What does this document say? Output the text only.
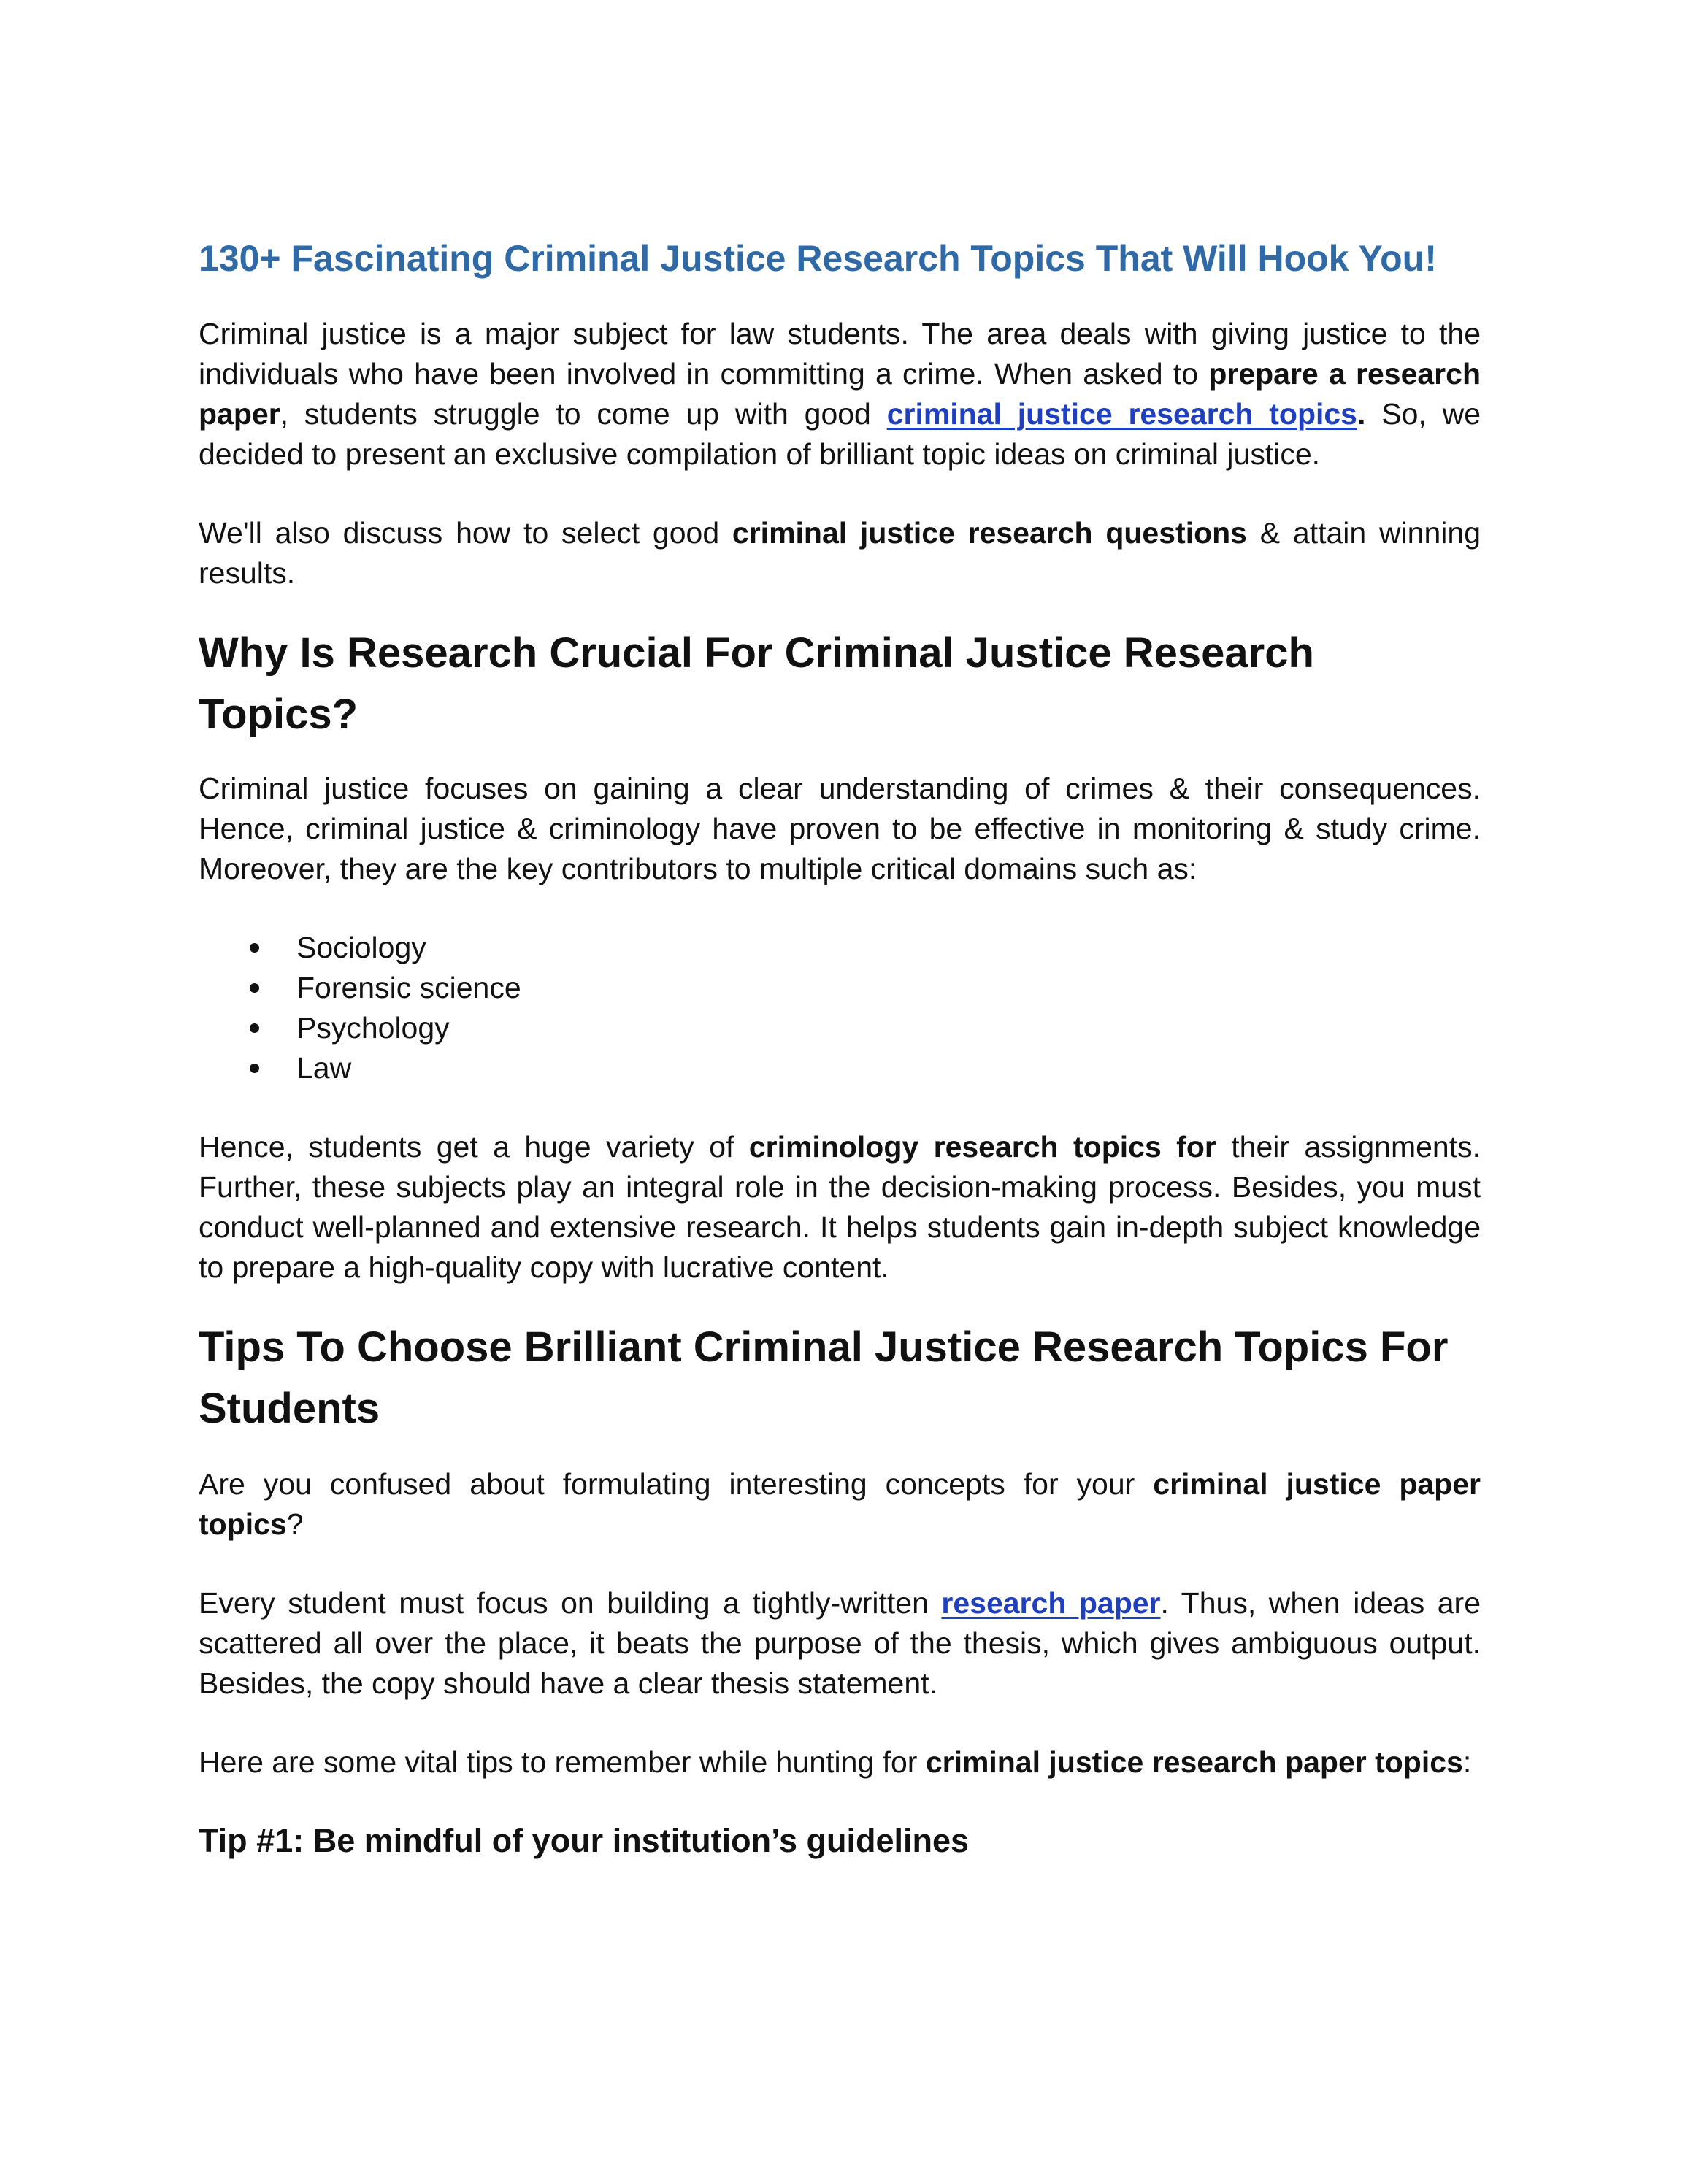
130+ Fascinating Criminal Justice Research Topics That Will Hook You!

Criminal justice is a major subject for law students. The area deals with giving justice to the individuals who have been involved in committing a crime. When asked to prepare a research paper, students struggle to come up with good criminal justice research topics. So, we decided to present an exclusive compilation of brilliant topic ideas on criminal justice.

We'll also discuss how to select good criminal justice research questions & attain winning results.

Why Is Research Crucial For Criminal Justice Research Topics?

Criminal justice focuses on gaining a clear understanding of crimes & their consequences. Hence, criminal justice & criminology have proven to be effective in monitoring & study crime. Moreover, they are the key contributors to multiple critical domains such as:

Sociology
Forensic science
Psychology
Law

Hence, students get a huge variety of criminology research topics for their assignments. Further, these subjects play an integral role in the decision-making process. Besides, you must conduct well-planned and extensive research. It helps students gain in-depth subject knowledge to prepare a high-quality copy with lucrative content.

Tips To Choose Brilliant Criminal Justice Research Topics For Students

Are you confused about formulating interesting concepts for your criminal justice paper topics?

Every student must focus on building a tightly-written research paper. Thus, when ideas are scattered all over the place, it beats the purpose of the thesis, which gives ambiguous output. Besides, the copy should have a clear thesis statement.

Here are some vital tips to remember while hunting for criminal justice research paper topics:

Tip #1: Be mindful of your institution’s guidelines
